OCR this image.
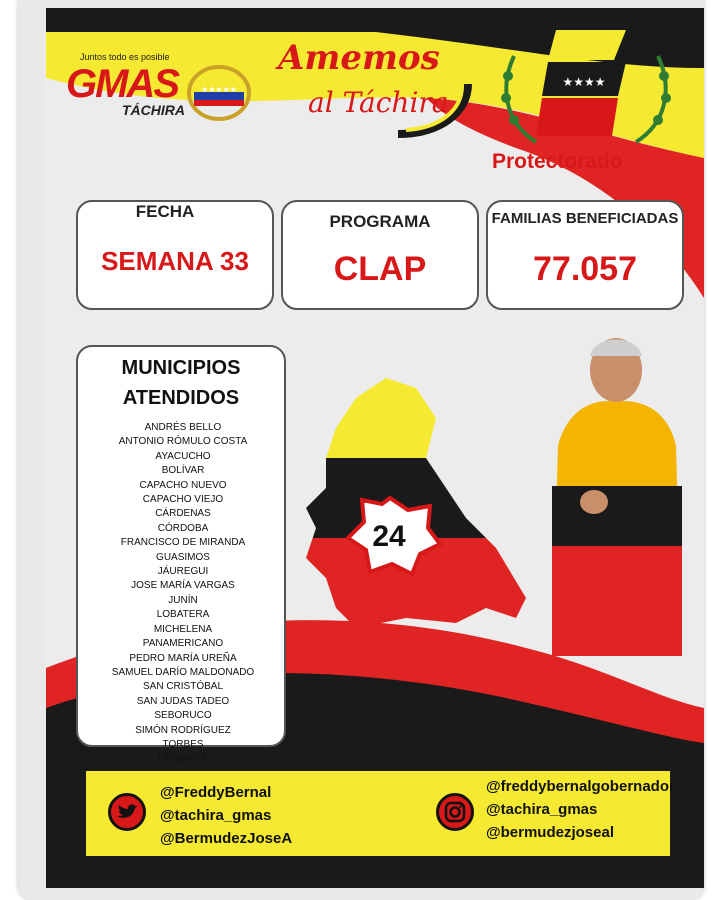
Juntos todo es posible
GMAS
TÁCHIRA
★★★★★
Amemos
al Táchira
★★★★
Protectorado
FECHA
SEMANA 33
PROGRAMA
CLAP
FAMILIAS BENEFICIADAS
77.057
MUNICIPIOS
ATENDIDOS
ANDRÉS BELLO
ANTONIO RÓMULO COSTA
AYACUCHO
BOLÍVAR
CAPACHO NUEVO
CAPACHO VIEJO
CÁRDENAS
CÓRDOBA
FRANCISCO DE MIRANDA
GUASIMOS
JÁUREGUI
JOSE MARÍA VARGAS
JUNÍN
LOBATERA
MICHELENA
PANAMERICANO
PEDRO MARÍA UREÑA
SAMUEL DARÍO MALDONADO
SAN CRISTÓBAL
SAN JUDAS TADEO
SEBORUCO
SIMÓN RODRÍGUEZ
TORBES
URIBANTE
24
@FreddyBernal
@tachira_gmas
@BermudezJoseA
@freddybernalgobernador
@tachira_gmas
@bermudezjoseal
